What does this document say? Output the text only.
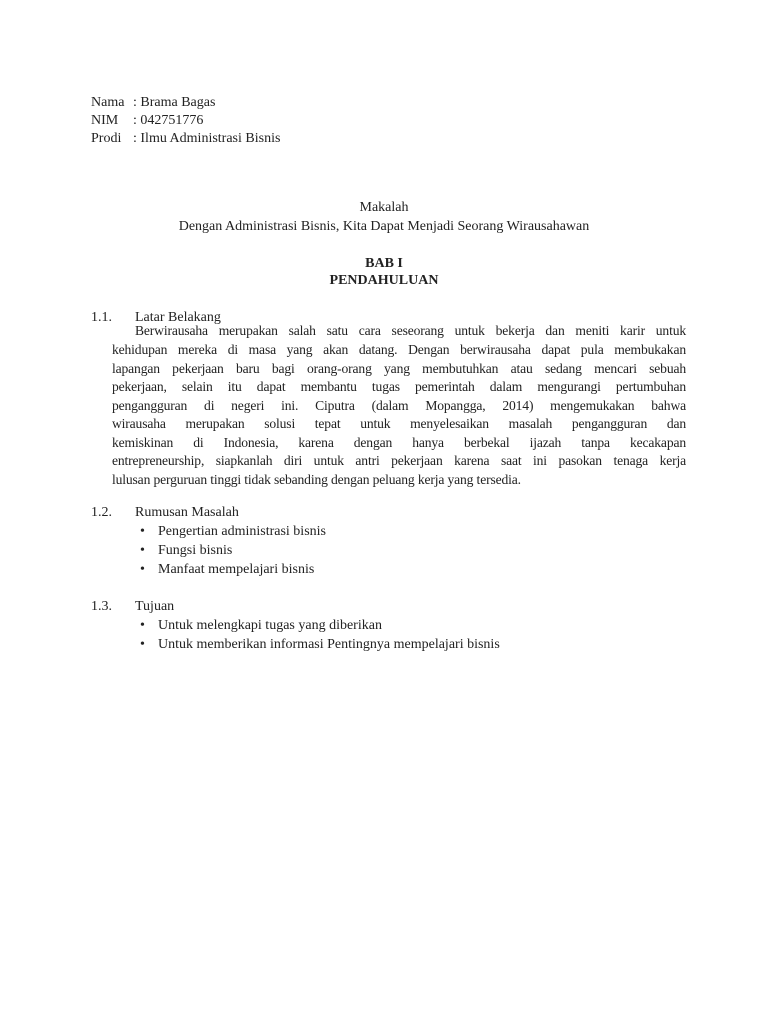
Nama : Brama Bagas
NIM : 042751776
Prodi : Ilmu Administrasi Bisnis
Makalah
Dengan Administrasi Bisnis, Kita Dapat Menjadi Seorang Wirausahawan
BAB I
PENDAHULUAN
1.1. Latar Belakang
Berwirausaha merupakan salah satu cara seseorang untuk bekerja dan meniti karir untuk
kehidupan mereka di masa yang akan datang. Dengan berwirausaha dapat pula membukakan
lapangan pekerjaan baru bagi orang-orang yang membutuhkan atau sedang mencari sebuah
pekerjaan, selain itu dapat membantu tugas pemerintah dalam mengurangi pertumbuhan
pengangguran di negeri ini. Ciputra (dalam Mopangga, 2014) mengemukakan bahwa
wirausaha merupakan solusi tepat untuk menyelesaikan masalah pengangguran dan
kemiskinan di Indonesia, karena dengan hanya berbekal ijazah tanpa kecakapan
entrepreneurship, siapkanlah diri untuk antri pekerjaan karena saat ini pasokan tenaga kerja
lulusan perguruan tinggi tidak sebanding dengan peluang kerja yang tersedia.
1.2. Rumusan Masalah
• Pengertian administrasi bisnis
• Fungsi bisnis
• Manfaat mempelajari bisnis
1.3. Tujuan
• Untuk melengkapi tugas yang diberikan
• Untuk memberikan informasi Pentingnya mempelajari bisnis
